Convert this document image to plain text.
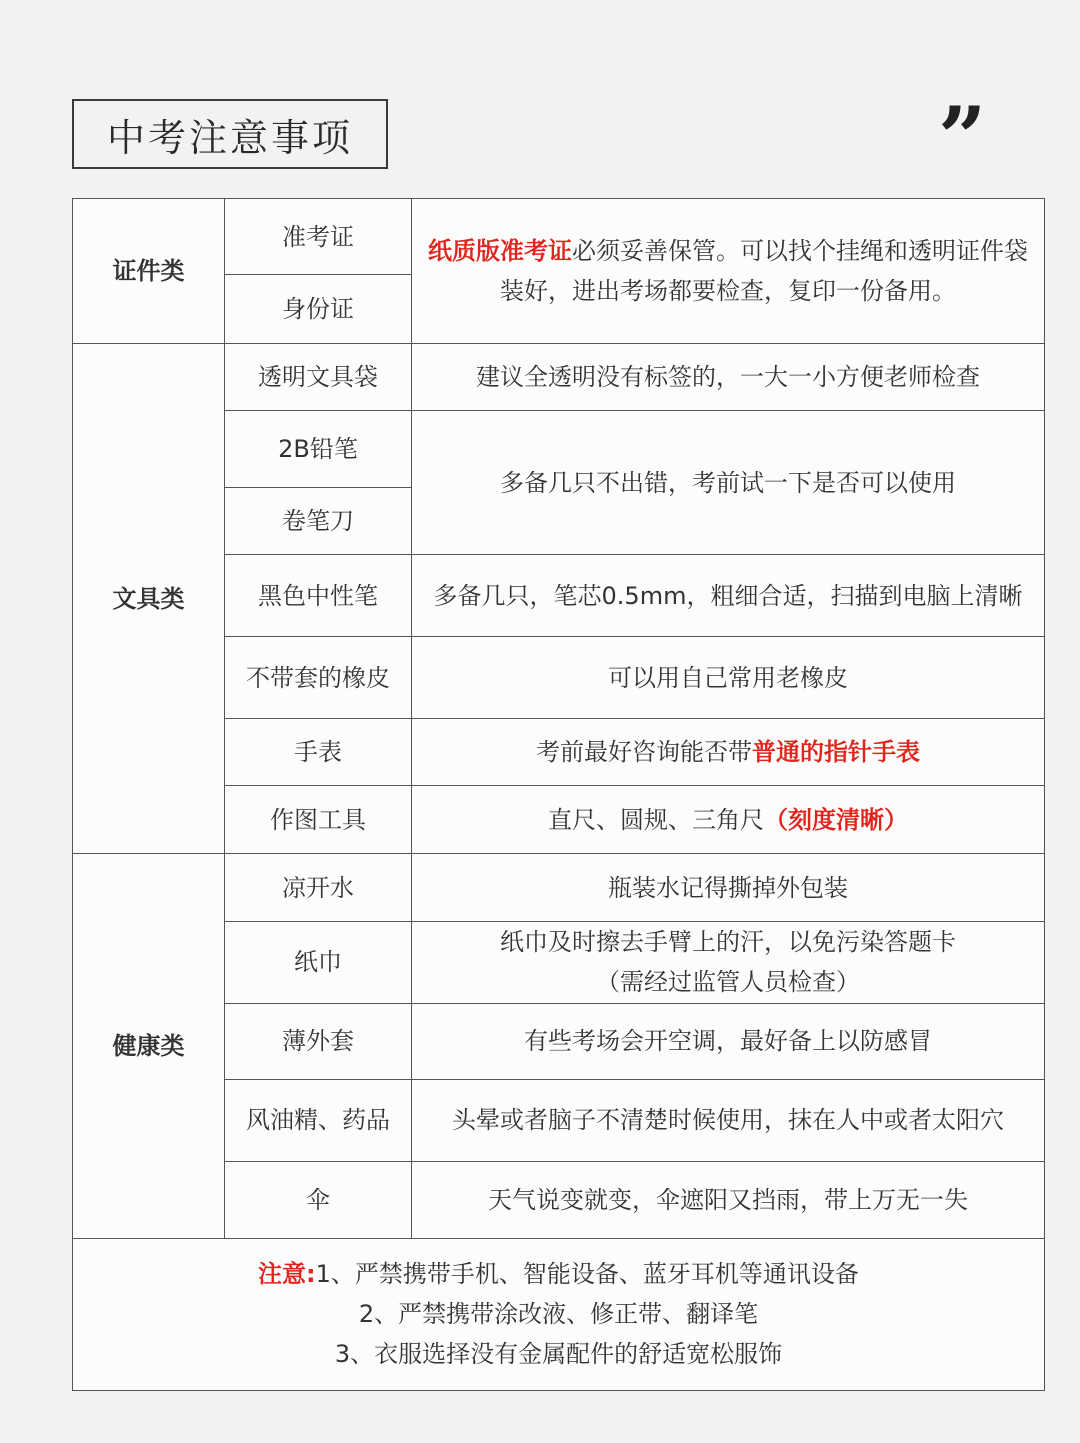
中考注意事项	”
证件类	准考证	纸质版准考证必须妥善保管。可以找个挂绳和透明证件袋装好，进出考场都要检查，复印一份备用。
	身份证	
文具类	透明文具袋	建议全透明没有标签的，一大一小方便老师检查
	2B铅笔	多备几只不出错，考前试一下是否可以使用
	卷笔刀	
	黑色中性笔	多备几只，笔芯0.5mm，粗细合适，扫描到电脑上清晰
	不带套的橡皮	可以用自己常用老橡皮
	手表	考前最好咨询能否带普通的指针手表
	作图工具	直尺、圆规、三角尺（刻度清晰）
健康类	凉开水	瓶装水记得撕掉外包装
	纸巾	纸巾及时擦去手臂上的汗，以免污染答题卡
（需经过监管人员检查）

	薄外套	有些考场会开空调，最好备上以防感冒
	风油精、药品	头晕或者脑子不清楚时候使用，抹在人中或者太阳穴
	伞	天气说变就变，伞遮阳又挡雨，带上万无一失

注意:1、严禁携带手机、智能设备、蓝牙耳机等通讯设备
2、严禁携带涂改液、修正带、翻译笔
3、衣服选择没有金属配件的舒适宽松服饰		
